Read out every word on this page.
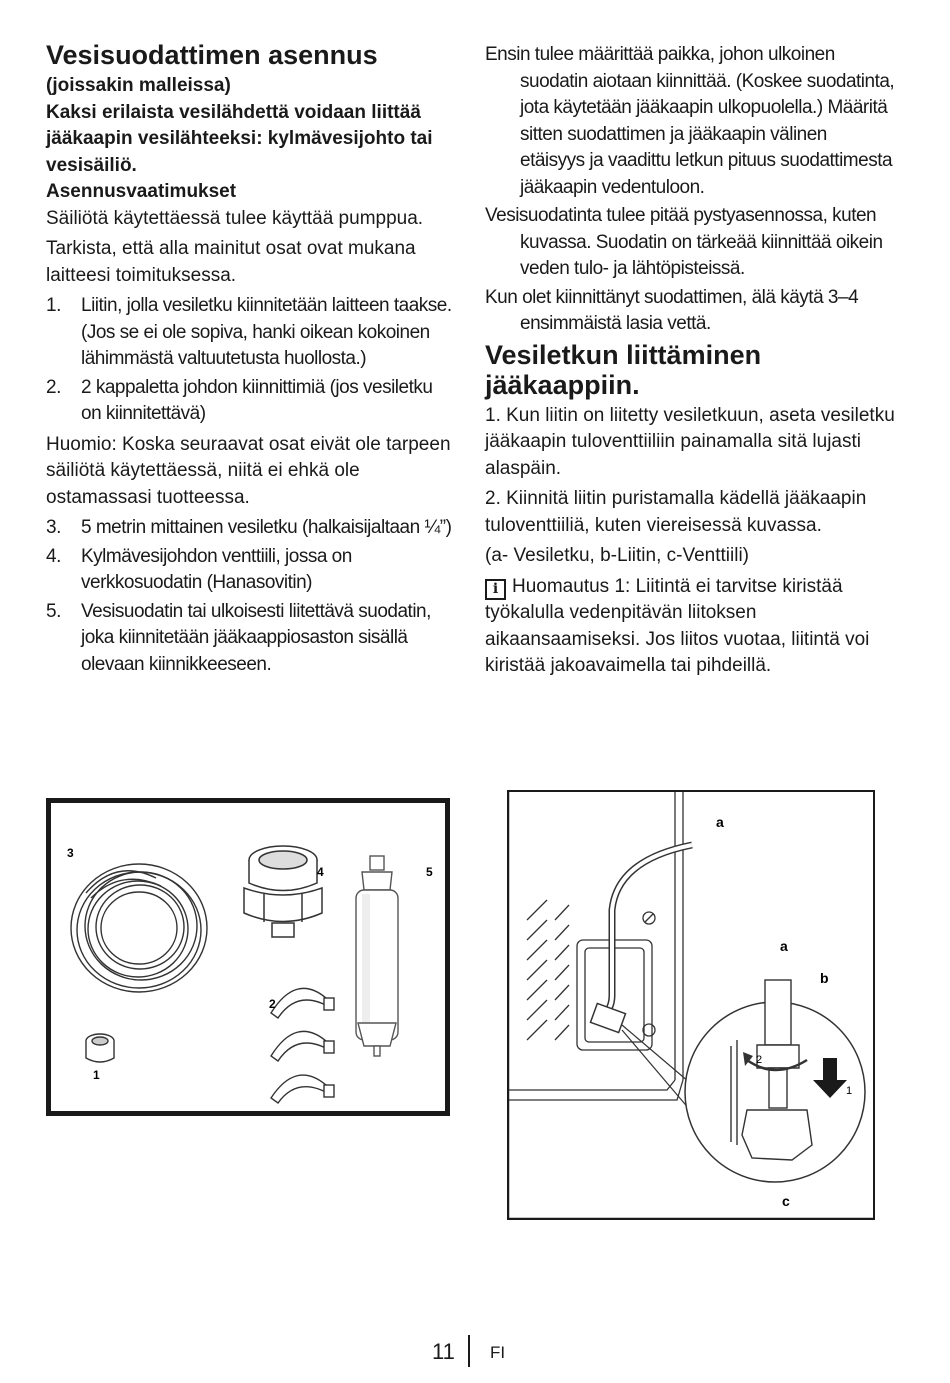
Vesisuodattimen asennus

(joissakin malleissa)

Kaksi erilaista vesilähdettä voidaan liittää jääkaapin vesilähteeksi: kylmävesijohto tai vesisäiliö.

Asennusvaatimukset

Säiliötä käytettäessä tulee käyttää pumppua.

Tarkista, että alla mainitut osat ovat mukana laitteesi toimituksessa.

1. Liitin, jolla vesiletku kiinnitetään laitteen taakse. (Jos se ei ole sopiva, hanki oikean kokoinen lähimmästä valtuutetusta huollosta.)
2. 2 kappaletta johdon kiinnittimiä (jos vesiletku on kiinnitettävä)

Huomio: Koska seuraavat osat eivät ole tarpeen säiliötä käytettäessä, niitä ei ehkä ole ostamassasi tuotteessa.

3. 5 metrin mittainen vesiletku (halkaisijaltaan ¼”)
4. Kylmävesijohdon venttiili, jossa on verkkosuodatin (Hanasovitin)
5. Vesisuodatin tai ulkoisesti liitettävä suodatin, joka kiinnitetään jääkaappiosaston sisällä olevaan kiinnikkeeseen.

Ensin tulee määrittää paikka, johon ulkoinen suodatin aiotaan kiinnittää. (Koskee suodatinta, jota käytetään jääkaapin ulkopuolella.) Määritä sitten suodattimen ja jääkaapin välinen etäisyys ja vaadittu letkun pituus suodattimesta jääkaapin vedentuloon.

Vesisuodatinta tulee pitää pystyasennossa, kuten kuvassa. Suodatin on tärkeää kiinnittää oikein veden tulo- ja lähtöpisteissä.

Kun olet kiinnittänyt suodattimen, älä käytä 3–4 ensimmäistä lasia vettä.

Vesiletkun liittäminen jääkaappiin.

1. Kun liitin on liitetty vesiletkuun, aseta vesiletku jääkaapin tuloventtiiliin painamalla sitä lujasti alaspäin.

2. Kiinnitä liitin puristamalla kädellä jääkaapin tuloventtiiliä, kuten viereisessä kuvassa.

(a- Vesiletku, b-Liitin, c-Venttiili)

i Huomautus 1: Liitintä ei tarvitse kiristää työkalulla vedenpitävän liitoksen aikaansaamiseksi. Jos liitos vuotaa, liitintä voi kiristää jakoavaimella tai pihdeillä.

3
4	5
2
1
a
a
b
2
1
c
11 FI
